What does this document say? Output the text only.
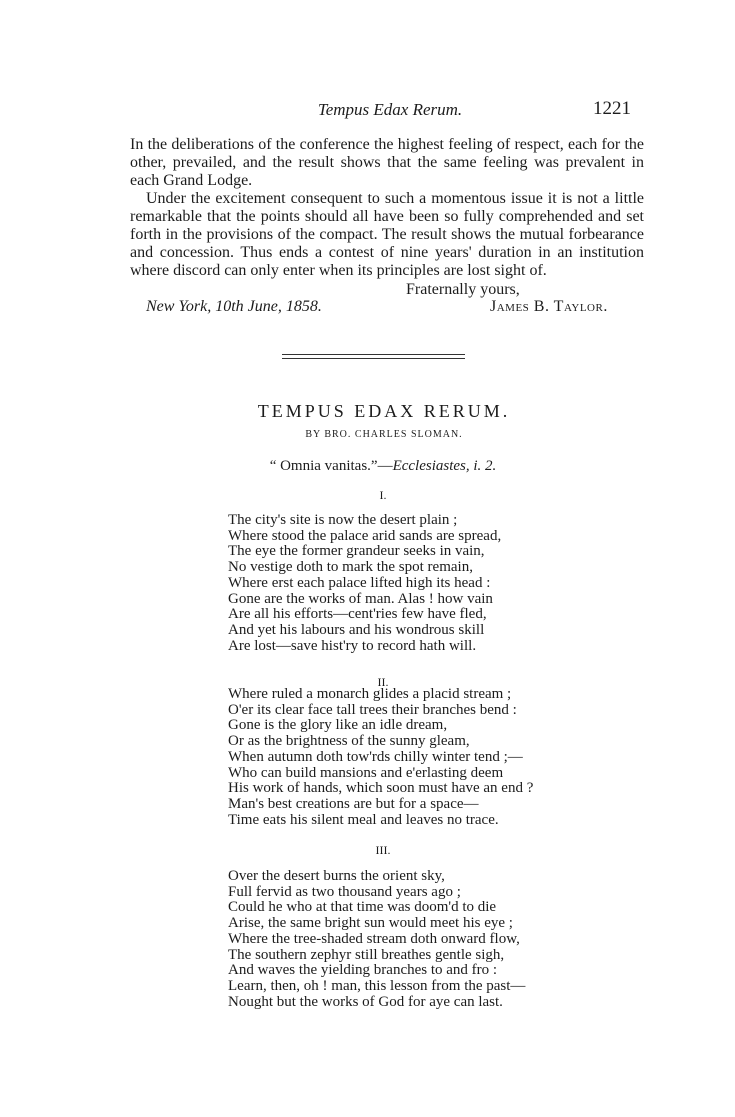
Tempus Edax Rerum.	1221

In the deliberations of the conference the highest feeling of respect, each for the other, prevailed, and the result shows that the same feeling was prevalent in each Grand Lodge.

Under the excitement consequent to such a momentous issue it is not a little remarkable that the points should all have been so fully comprehended and set forth in the provisions of the compact. The result shows the mutual forbearance and concession. Thus ends a contest of nine years' duration in an institution where discord can only enter when its principles are lost sight of.

Fraternally yours,
New York, 10th June, 1858.	James B. Taylor.
TEMPUS EDAX RERUM.
BY BRO. CHARLES SLOMAN.
“ Omnia vanitas.”—Ecclesiastes, i. 2.
I.
The city's site is now the desert plain ;
Where stood the palace arid sands are spread,
The eye the former grandeur seeks in vain,
No vestige doth to mark the spot remain,
Where erst each palace lifted high its head :
Gone are the works of man. Alas ! how vain
Are all his efforts—cent'ries few have fled,
And yet his labours and his wondrous skill
Are lost—save hist'ry to record hath will.
II.
Where ruled a monarch glides a placid stream ;
O'er its clear face tall trees their branches bend :
Gone is the glory like an idle dream,
Or as the brightness of the sunny gleam,
When autumn doth tow'rds chilly winter tend ;—
Who can build mansions and e'erlasting deem
His work of hands, which soon must have an end ?
Man's best creations are but for a space—
Time eats his silent meal and leaves no trace.
III.
Over the desert burns the orient sky,
Full fervid as two thousand years ago ;
Could he who at that time was doom'd to die
Arise, the same bright sun would meet his eye ;
Where the tree-shaded stream doth onward flow,
The southern zephyr still breathes gentle sigh,
And waves the yielding branches to and fro :
Learn, then, oh ! man, this lesson from the past—
Nought but the works of God for aye can last.
